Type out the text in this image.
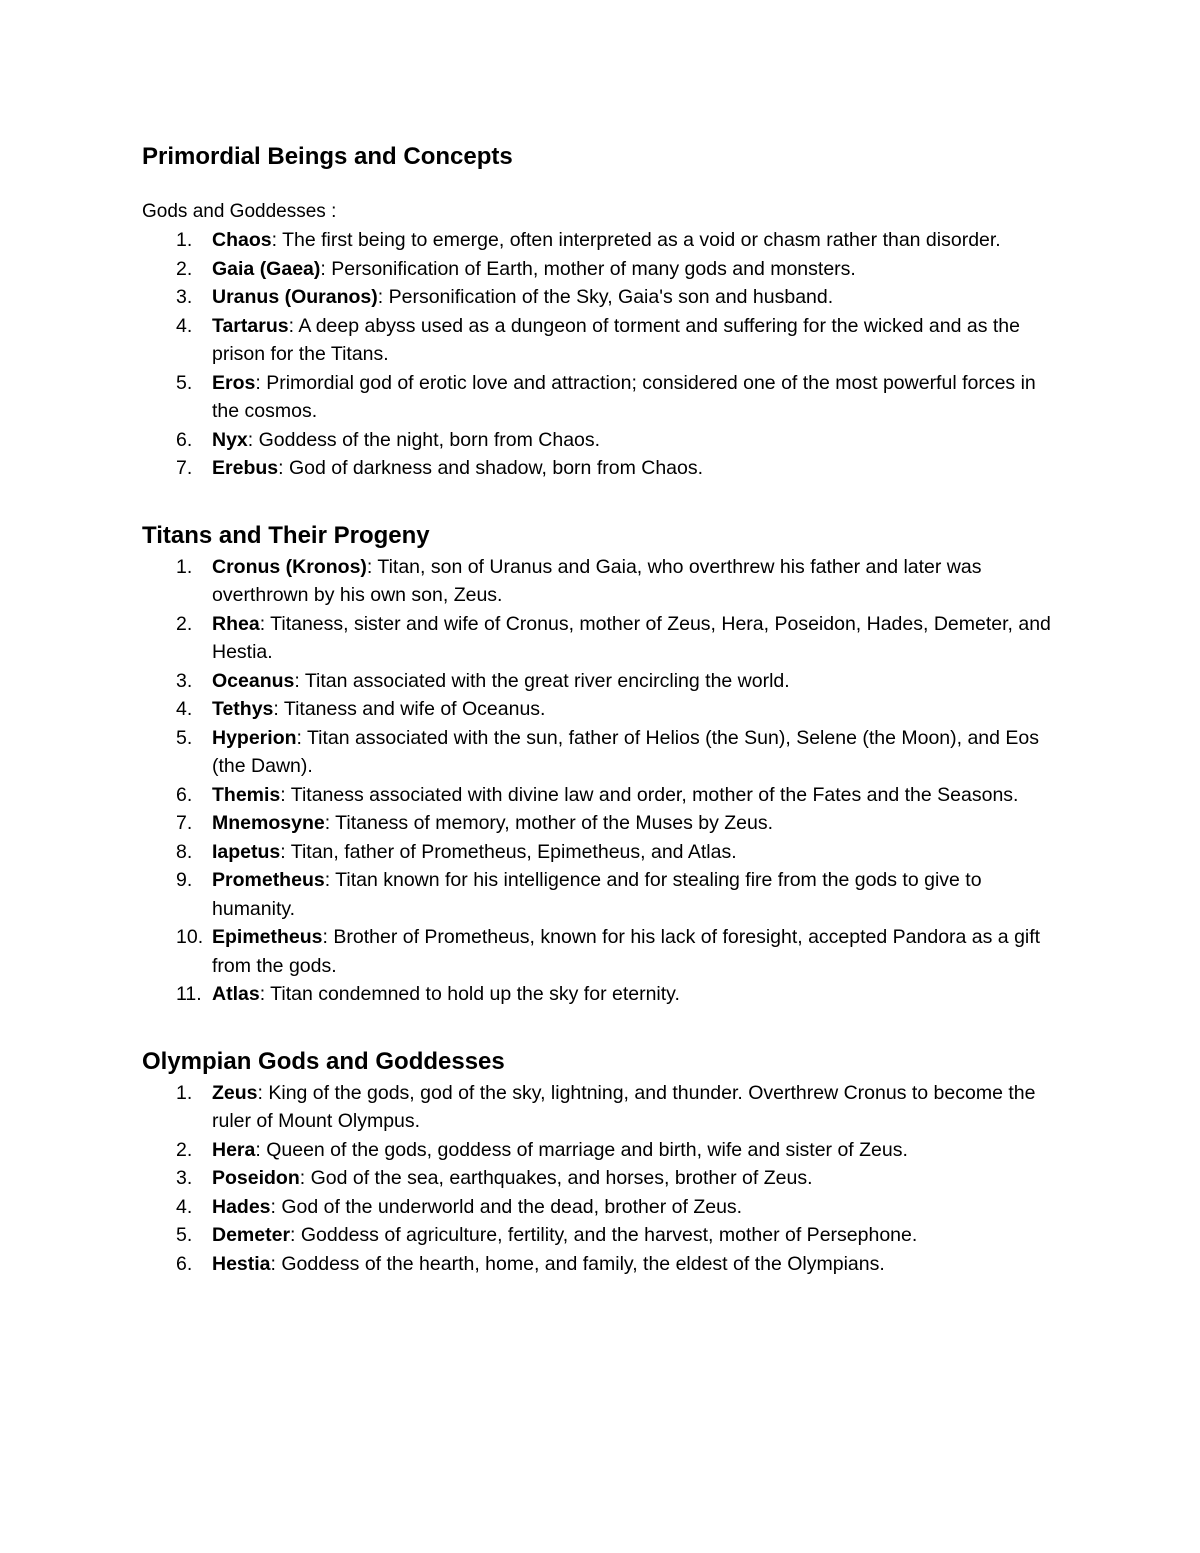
Primordial Beings and Concepts
Gods and Goddesses :
1. Chaos: The first being to emerge, often interpreted as a void or chasm rather than disorder.
2. Gaia (Gaea): Personification of Earth, mother of many gods and monsters.
3. Uranus (Ouranos): Personification of the Sky, Gaia's son and husband.
4. Tartarus: A deep abyss used as a dungeon of torment and suffering for the wicked and as the prison for the Titans.
5. Eros: Primordial god of erotic love and attraction; considered one of the most powerful forces in the cosmos.
6. Nyx: Goddess of the night, born from Chaos.
7. Erebus: God of darkness and shadow, born from Chaos.
Titans and Their Progeny
1. Cronus (Kronos): Titan, son of Uranus and Gaia, who overthrew his father and later was overthrown by his own son, Zeus.
2. Rhea: Titaness, sister and wife of Cronus, mother of Zeus, Hera, Poseidon, Hades, Demeter, and Hestia.
3. Oceanus: Titan associated with the great river encircling the world.
4. Tethys: Titaness and wife of Oceanus.
5. Hyperion: Titan associated with the sun, father of Helios (the Sun), Selene (the Moon), and Eos (the Dawn).
6. Themis: Titaness associated with divine law and order, mother of the Fates and the Seasons.
7. Mnemosyne: Titaness of memory, mother of the Muses by Zeus.
8. Iapetus: Titan, father of Prometheus, Epimetheus, and Atlas.
9. Prometheus: Titan known for his intelligence and for stealing fire from the gods to give to humanity.
10. Epimetheus: Brother of Prometheus, known for his lack of foresight, accepted Pandora as a gift from the gods.
11. Atlas: Titan condemned to hold up the sky for eternity.
Olympian Gods and Goddesses
1. Zeus: King of the gods, god of the sky, lightning, and thunder. Overthrew Cronus to become the ruler of Mount Olympus.
2. Hera: Queen of the gods, goddess of marriage and birth, wife and sister of Zeus.
3. Poseidon: God of the sea, earthquakes, and horses, brother of Zeus.
4. Hades: God of the underworld and the dead, brother of Zeus.
5. Demeter: Goddess of agriculture, fertility, and the harvest, mother of Persephone.
6. Hestia: Goddess of the hearth, home, and family, the eldest of the Olympians.
